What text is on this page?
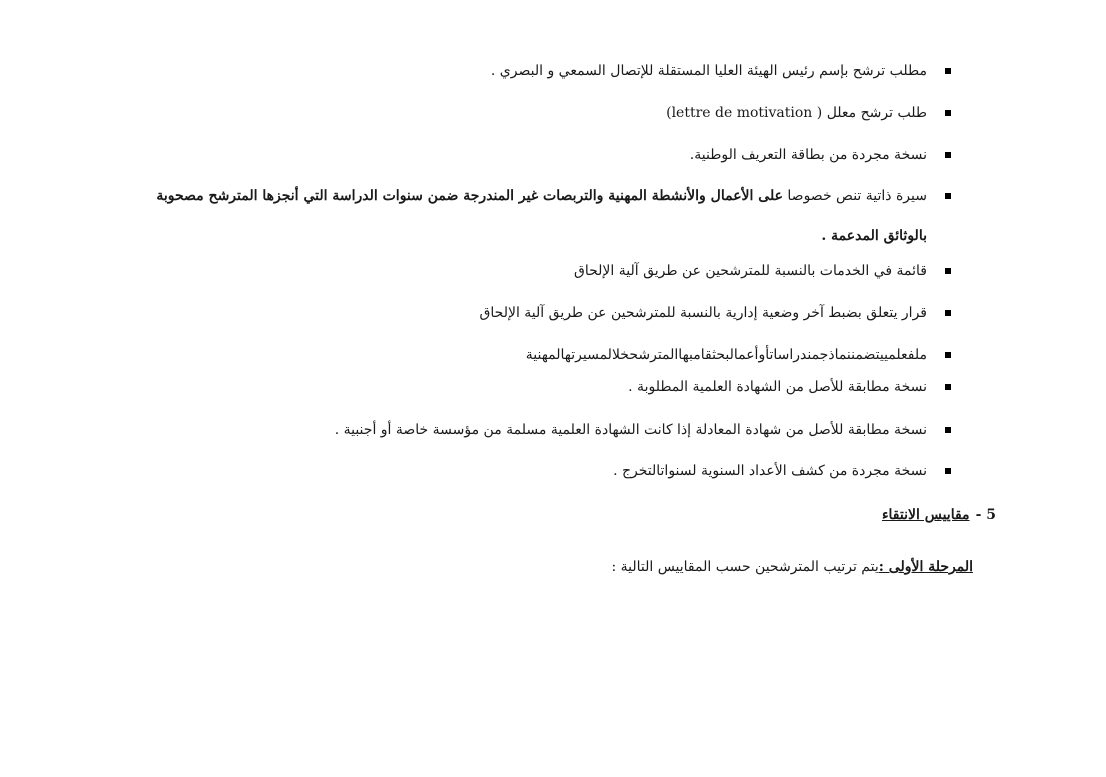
مطلب ترشح بإسم رئيس الهيئة العليا المستقلة للإتصال السمعي و البصري .
طلب ترشح معلل ( lettre de motivation)
نسخة مجردة من بطاقة التعريف الوطنية.
سيرة ذاتية تنص خصوصا على الأعمال والأنشطة المهنية والتربصات غير المندرجة ضمن سنوات الدراسة التي أنجزها المترشح مصحوبة
بالوثائق المدعمة .
قائمة في الخدمات بالنسبة للمترشحين عن طريق آلية الإلحاق
قرار يتعلق بضبط آخر وضعية إدارية بالنسبة للمترشحين عن طريق آلية الإلحاق
ملفعلمييتضمننماذجمندراساتأوأعمالبحثقامبهاالمترشحخلالمسيرتهالمهنية
نسخة مطابقة للأصل من الشهادة العلمية المطلوبة .
نسخة مطابقة للأصل من شهادة المعادلة إذا كانت الشهادة العلمية مسلمة من مؤسسة خاصة أو أجنبية .
نسخة مجردة من كشف الأعداد السنوية لسنواتالتخرج .
5 -مقاييس الانتقاء
المرحلة الأولى :يتم ترتيب المترشحين حسب المقاييس التالية :
